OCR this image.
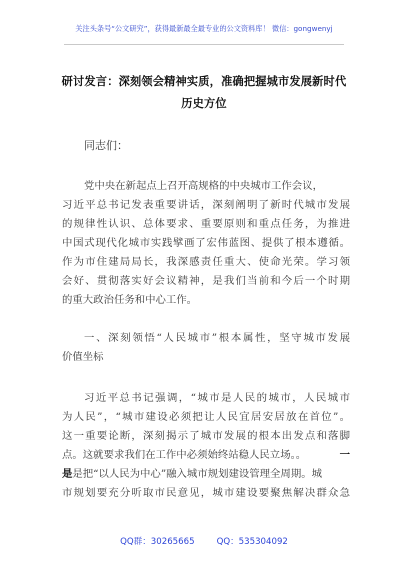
关注头条号“公文研究”，获得最新最全最专业的公文资料库！ 微信：gongwenyj
研讨发言：深刻领会精神实质，准确把握城市发展新时代
历史方位
同志们：
党中央在新起点上召开高规格的中央城市工作会议，
习近平总书记发表重要讲话，深刻阐明了新时代城市发展
的规律性认识、总体要求、重要原则和重点任务，为推进
中国式现代化城市实践擘画了宏伟蓝图、提供了根本遵循。
作为市住建局局长，我深感责任重大、使命光荣。学习领
会好、贯彻落实好会议精神，是我们当前和今后一个时期
的重大政治任务和中心工作。
一、深刻领悟“人民城市”根本属性，坚守城市发展
价值坐标
习近平总书记强调，“城市是人民的城市，人民城市
为人民”，“城市建设必须把让人民宜居安居放在首位”。
这一重要论断，深刻揭示了城市发展的根本出发点和落脚
点。这就要求我们在工作中必须始终站稳人民立场。。	一
是是把“以人民为中心”融入城市规划建设管理全周期。城
市规划要充分听取市民意见，城市建设要聚焦解决群众急
QQ群：30265665	QQ：535304092
